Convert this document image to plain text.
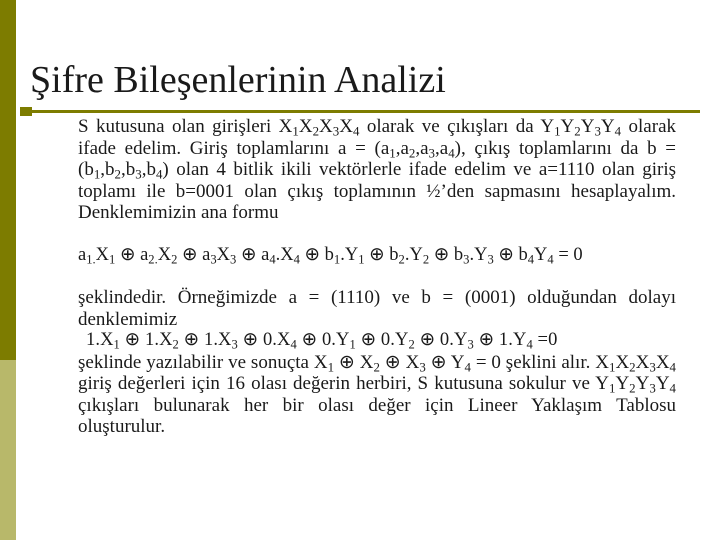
Şifre Bileşenlerinin Analizi

S kutusuna olan girişleri $X_1X_2X_3X_4$ olarak ve çıkışları da $Y_1Y_2Y_3Y_4$ olarak ifade edelim. Giriş toplamlarını $a = (a_1,a_2,a_3,a_4)$, çıkış toplamlarını da $b = (b_1,b_2,b_3,b_4)$ olan 4 bitlik ikili vektörlerle ifade edelim ve a=1110 olan giriş toplamı ile b=0001 olan çıkış toplamının ½’den sapmasını hesaplayalım. Denklemimizin ana formu

$a_{1.}X_1$ ⊕ $a_{2.}X_2$ ⊕ $a_3X_3$ ⊕ $a_4.X_4$ ⊕ $b_1.Y_1$ ⊕ $b_2.Y_2$ ⊕ $b_3.Y_3$ ⊕ $b_4Y_4 = 0$

şeklindedir. Örneğimizde a = (1110) ve b = (0001) olduğundan dolayı denklemimiz

$1.X_1$ ⊕ $1.X_2$ ⊕ $1.X_3$ ⊕ $0.X_4$ ⊕ $0.Y_1$ ⊕ $0.Y_2$ ⊕ $0.Y_3$ ⊕ $1.Y_4 =0$

şeklinde yazılabilir ve sonuçta $X_1$ ⊕ $X_2$ ⊕ $X_3$ ⊕ $Y_4 = 0$ şeklini alır. $X_1X_2X_3X_4$ giriş değerleri için 16 olası değerin herbiri, S kutusuna sokulur ve $Y_1Y_2Y_3Y_4$ çıkışları bulunarak her bir olası değer için Lineer Yaklaşım Tablosu oluşturulur.
